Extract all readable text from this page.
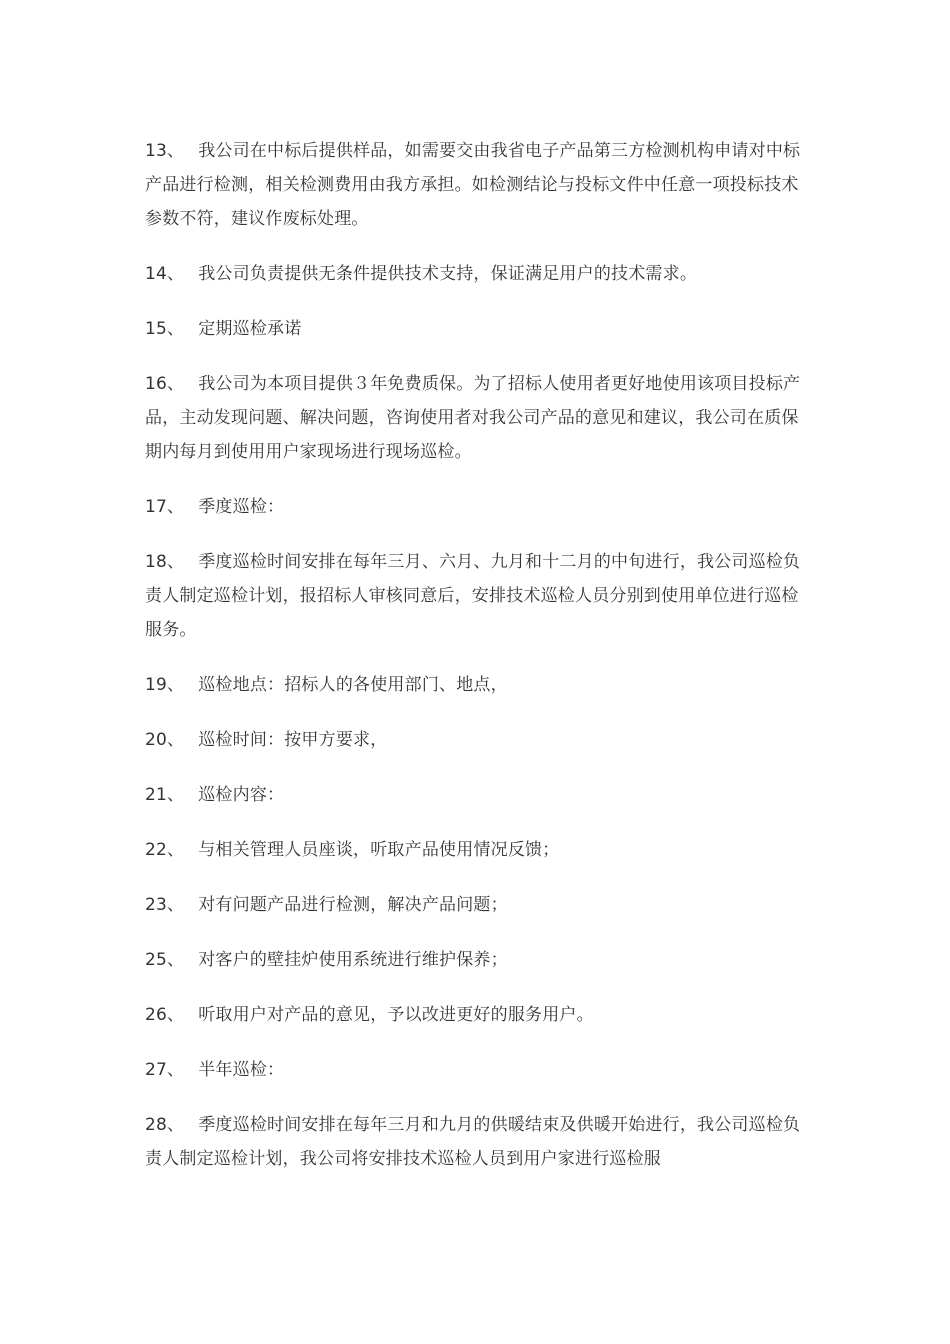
13、 我公司在中标后提供样品，如需要交由我省电子产品第三方检测机构申请对中标产品进行检测，相关检测费用由我方承担。如检测结论与投标文件中任意一项投标技术参数不符，建议作废标处理。

14、 我公司负责提供无条件提供技术支持，保证满足用户的技术需求。

15、 定期巡检承诺

16、 我公司为本项目提供３年免费质保。为了招标人使用者更好地使用该项目投标产品，主动发现问题、解决问题，咨询使用者对我公司产品的意见和建议，我公司在质保期内每月到使用用户家现场进行现场巡检。

17、 季度巡检：

18、 季度巡检时间安排在每年三月、六月、九月和十二月的中旬进行，我公司巡检负责人制定巡检计划，报招标人审核同意后，安排技术巡检人员分别到使用单位进行巡检服务。

19、 巡检地点：招标人的各使用部门、地点，

20、 巡检时间：按甲方要求，

21、 巡检内容：

22、 与相关管理人员座谈，听取产品使用情况反馈；

23、 对有问题产品进行检测，解决产品问题；

25、 对客户的壁挂炉使用系统进行维护保养；

26、 听取用户对产品的意见，予以改进更好的服务用户。

27、 半年巡检：

28、 季度巡检时间安排在每年三月和九月的供暖结束及供暖开始进行，我公司巡检负责人制定巡检计划，我公司将安排技术巡检人员到用户家进行巡检服
